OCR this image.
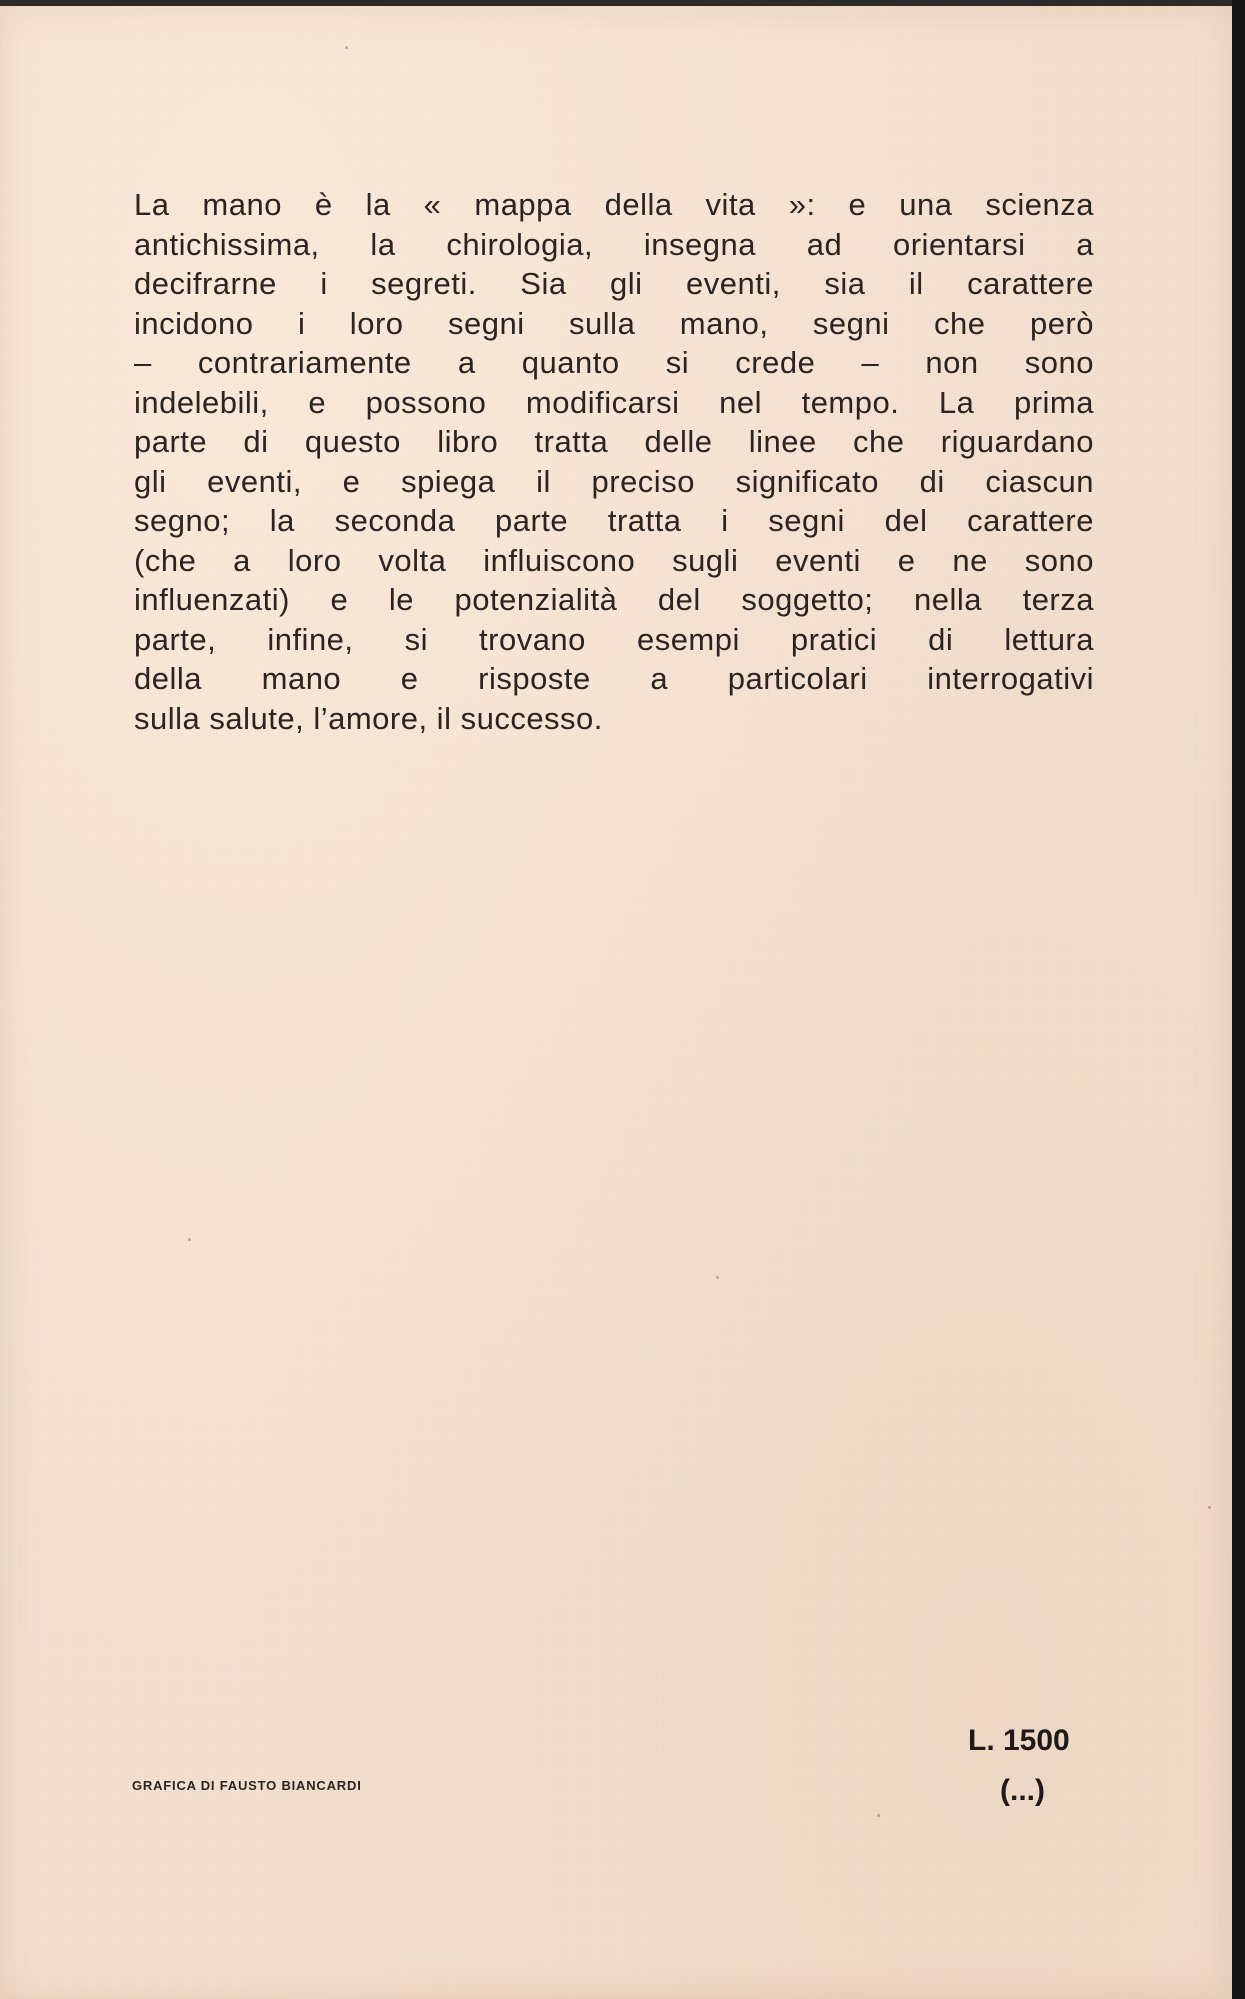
La mano è la « mappa della vita »: e una scienza
antichissima, la chirologia, insegna ad orientarsi a
decifrarne i segreti. Sia gli eventi, sia il carattere
incidono i loro segni sulla mano, segni che però
– contrariamente a quanto si crede – non sono
indelebili, e possono modificarsi nel tempo. La prima
parte di questo libro tratta delle linee che riguardano
gli eventi, e spiega il preciso significato di ciascun
segno; la seconda parte tratta i segni del carattere
(che a loro volta influiscono sugli eventi e ne sono
influenzati) e le potenzialità del soggetto; nella terza
parte, infine, si trovano esempi pratici di lettura
della mano e risposte a particolari interrogativi
sulla salute, l’amore, il successo.
GRAFICA DI FAUSTO BIANCARDI
L. 1500
(...)
